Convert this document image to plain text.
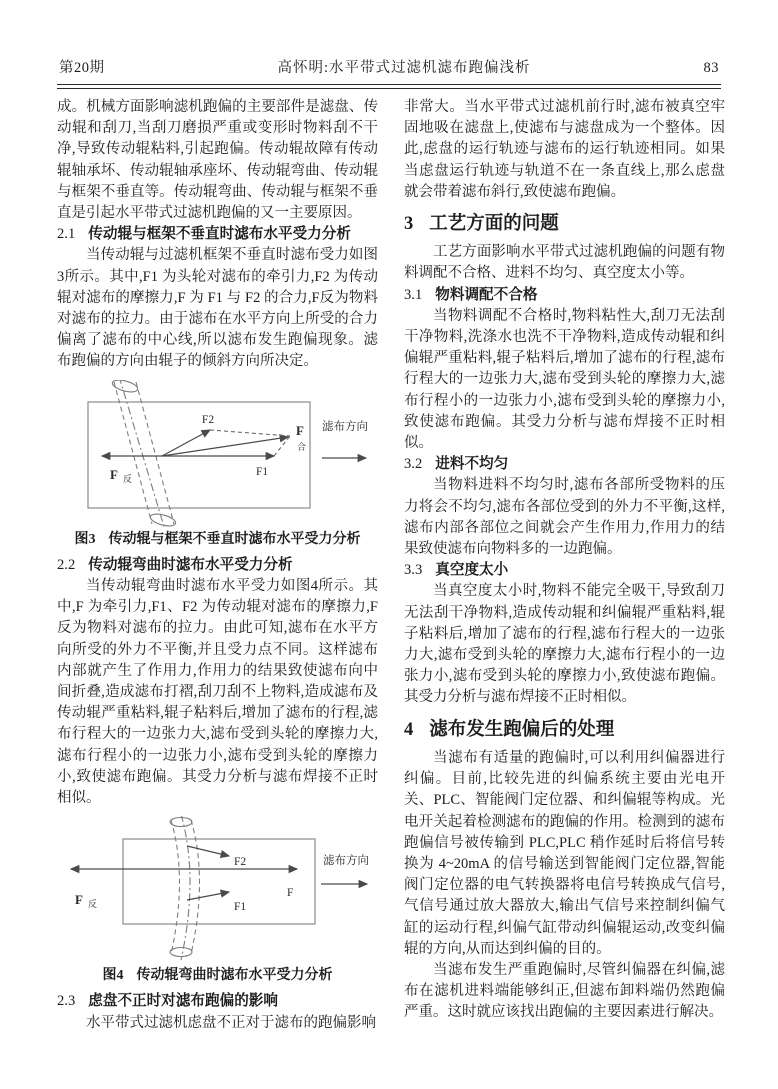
第20期	高怀明:水平带式过滤机滤布跑偏浅析	83

成。机械方面影响滤机跑偏的主要部件是滤盘、传动辊和刮刀,当刮刀磨损严重或变形时物料刮不干净,导致传动辊粘料,引起跑偏。传动辊故障有传动辊轴承坏、传动辊轴承座坏、传动辊弯曲、传动辊与框架不垂直等。传动辊弯曲、传动辊与框架不垂直是引起水平带式过滤机跑偏的又一主要原因。

2.1 传动辊与框架不垂直时滤布水平受力分析

当传动辊与过滤机框架不垂直时滤布受力如图3所示。其中,F1 为头轮对滤布的牵引力,F2 为传动辊对滤布的摩擦力,F 为 F1 与 F2 的合力,F反为物料对滤布的拉力。由于滤布在水平方向上所受的合力偏离了滤布的中心线,所以滤布发生跑偏现象。滤布跑偏的方向由辊子的倾斜方向所决定。

F2
F1
F
合
F 反
滤布方向
图3 传动辊与框架不垂直时滤布水平受力分析
2.2 传动辊弯曲时滤布水平受力分析

当传动辊弯曲时滤布水平受力如图4所示。其中,F 为牵引力,F1、F2 为传动辊对滤布的摩擦力,F反为物料对滤布的拉力。由此可知,滤布在水平方向所受的外力不平衡,并且受力点不同。这样滤布内部就产生了作用力,作用力的结果致使滤布向中间折叠,造成滤布打褶,刮刀刮不上物料,造成滤布及传动辊严重粘料,辊子粘料后,增加了滤布的行程,滤布行程大的一边张力大,滤布受到头轮的摩擦力大,滤布行程小的一边张力小,滤布受到头轮的摩擦力小,致使滤布跑偏。其受力分析与滤布焊接不正时相似。

F2
F1
F
F 反
滤布方向
图4 传动辊弯曲时滤布水平受力分析
2.3 虑盘不正时对滤布跑偏的影响

水平带式过滤机虑盘不正对于滤布的跑偏影响

非常大。当水平带式过滤机前行时,滤布被真空牢固地吸在滤盘上,使滤布与滤盘成为一个整体。因此,虑盘的运行轨迹与滤布的运行轨迹相同。如果当虑盘运行轨迹与轨道不在一条直线上,那么虑盘就会带着滤布斜行,致使滤布跑偏。

3 工艺方面的问题

工艺方面影响水平带式过滤机跑偏的问题有物料调配不合格、进料不均匀、真空度太小等。

3.1 物料调配不合格

当物料调配不合格时,物料粘性大,刮刀无法刮干净物料,洗涤水也洗不干净物料,造成传动辊和纠偏辊严重粘料,辊子粘料后,增加了滤布的行程,滤布行程大的一边张力大,滤布受到头轮的摩擦力大,滤布行程小的一边张力小,滤布受到头轮的摩擦力小,致使滤布跑偏。其受力分析与滤布焊接不正时相似。

3.2 进料不均匀

当物料进料不均匀时,滤布各部所受物料的压力将会不均匀,滤布各部位受到的外力不平衡,这样,滤布内部各部位之间就会产生作用力,作用力的结果致使滤布向物料多的一边跑偏。

3.3 真空度太小

当真空度太小时,物料不能完全吸干,导致刮刀无法刮干净物料,造成传动辊和纠偏辊严重粘料,辊子粘料后,增加了滤布的行程,滤布行程大的一边张力大,滤布受到头轮的摩擦力大,滤布行程小的一边张力小,滤布受到头轮的摩擦力小,致使滤布跑偏。其受力分析与滤布焊接不正时相似。

4 滤布发生跑偏后的处理

当滤布有适量的跑偏时,可以利用纠偏器进行纠偏。目前,比较先进的纠偏系统主要由光电开关、PLC、智能阀门定位器、和纠偏辊等构成。光电开关起着检测滤布的跑偏的作用。检测到的滤布跑偏信号被传输到 PLC,PLC 稍作延时后将信号转换为 4~20mA 的信号输送到智能阀门定位器,智能阀门定位器的电气转换器将电信号转换成气信号,气信号通过放大器放大,输出气信号来控制纠偏气缸的运动行程,纠偏气缸带动纠偏辊运动,改变纠偏辊的方向,从而达到纠偏的目的。

当滤布发生严重跑偏时,尽管纠偏器在纠偏,滤布在滤机进料端能够纠正,但滤布卸料端仍然跑偏严重。这时就应该找出跑偏的主要因素进行解决。
